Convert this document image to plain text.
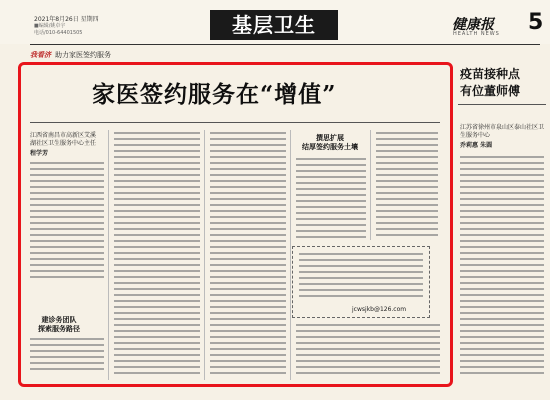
2021年8月26日 星期四
■编辑/姚卓宇
电话/010-64401505	基层卫生	健康报
HEALTH NEWS 5
我看济 助力家医签约服务
家医签约服务在“增值”
江西省南昌市高新区艾溪湖社区卫生服务中心主任
程学芳
建诊务团队
探索服务路径
撰思扩展
结厚签约服务土壤
jcwsjkb@126.com
疫苗接种点
有位董师傅
江苏省徐州市泉山区泰山社区卫生服务中心
乔莉惠 朱圆
